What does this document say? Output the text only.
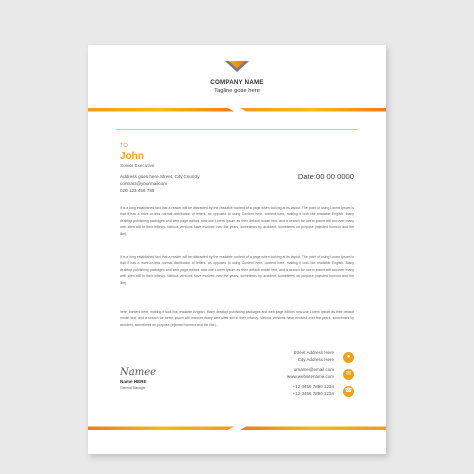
COMPANY NAME
Tagline gose here
TO
John
Sonior Executive
Address goes here,Street, City,Country
contract@yourmailcom
020 123 456 789
Date:00 00 0000
It is a long established fact that a reader will be distracted by the readable content of a page when looking at its layout. The point of using Lorem Ipsum is that it has a more-or-less normal distribution of letters, as opposed to using Content here, content here, making it look like readable English. Many desktop publishing packages and web page editors now use Lorem Ipsum as their default model text, and a search for lorem ipsum will uncover many web sites still in their infancy. Various versions have evolved over the years, sometimes by accident, sometimes on purpose (injected humour and the like).
It is a long established fact that a reader will be distracted by the readable content of a page when looking at its layout. The point of using Lorem Ipsum is that it has a more-or-less normal distribution of letters, as opposed to using Content here, content here, making it look like readable English. Many desktop publishing packages and web page editors now use Lorem Ipsum as their default model text, and a search for lorem ipsum will uncover many web sites still in their infancy. Various versions have evolved over the years, sometimes by accident, sometimes on purpose (injected humour and the like).
here, content here, making it look like readable English. Many desktop publishing packages and web page editors now use Lorem Ipsum as their default model text, and a search for lorem ipsum will uncover many web sites still in their infancy. Various versions have evolved over the years, sometimes by accident, sometimes on purpose (injected humour and the like).
Namee
Name HERE
General Manager
Street Address Here
City Address Here	●
urname@email.com
www.websitename.com	✉
+12 3456 7890 1234
+12 3456 7890 1234 ☎
